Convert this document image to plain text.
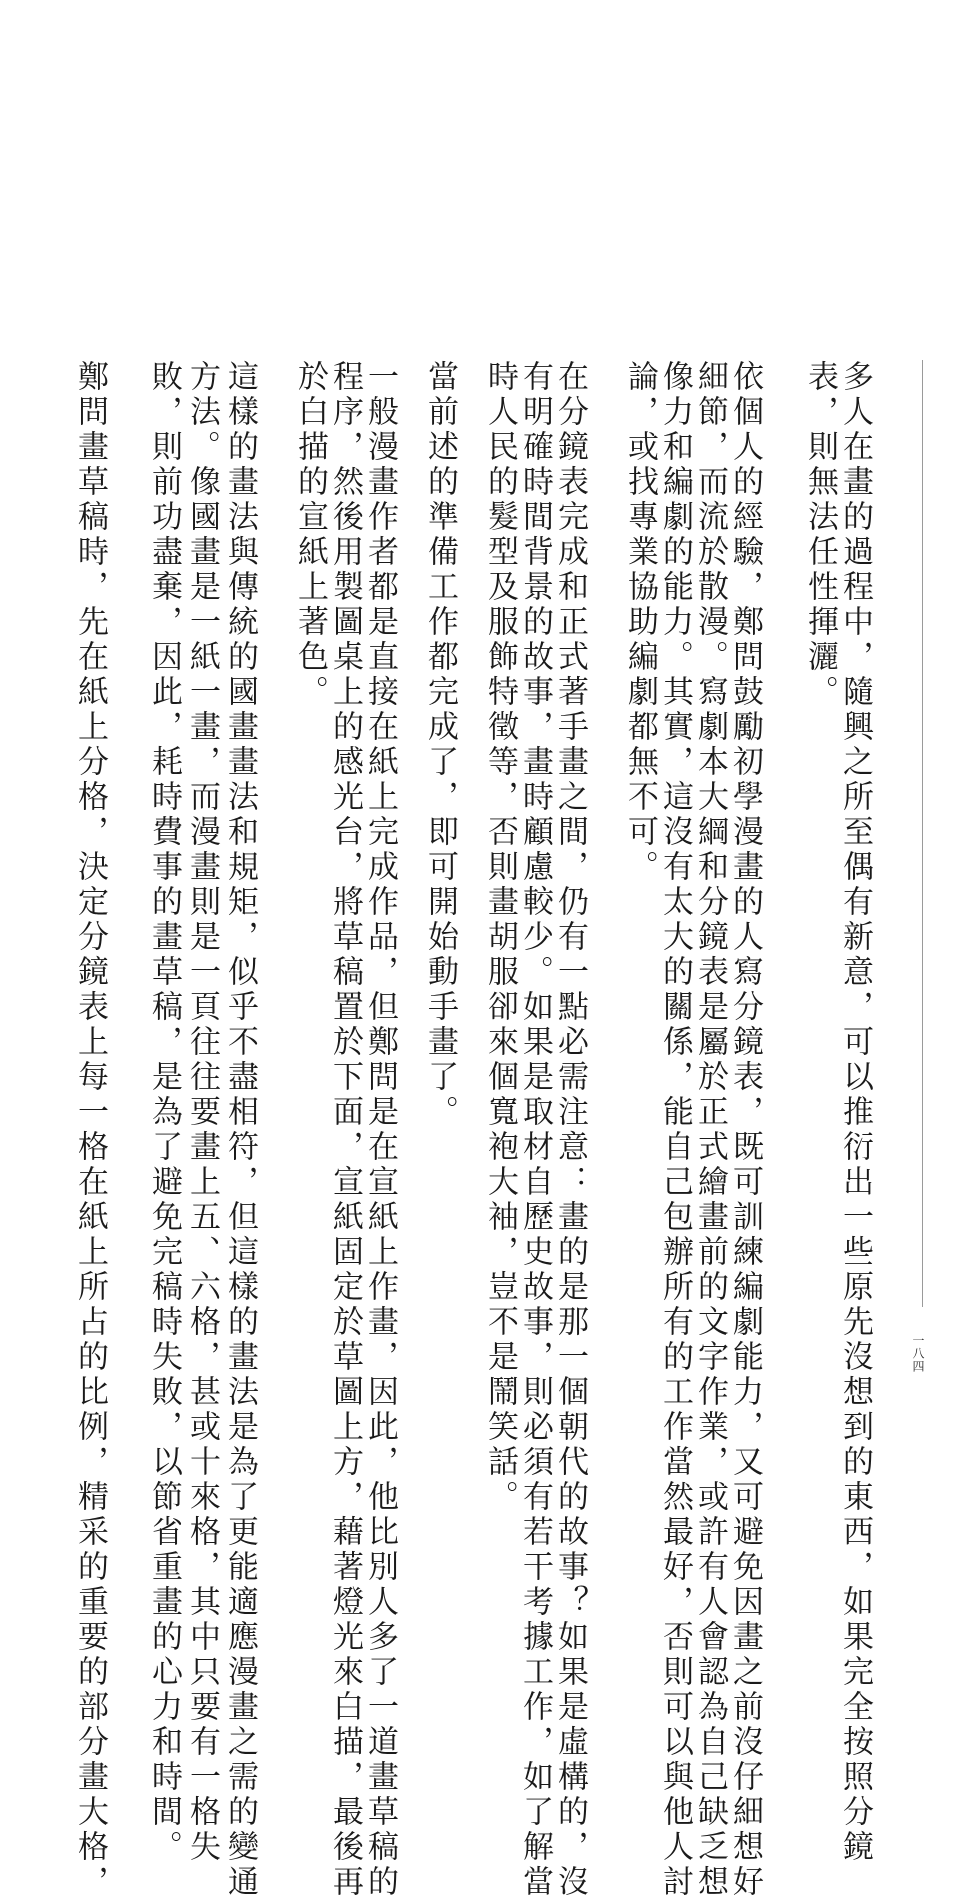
多人在畫的過程中，隨興之所至偶有新意，可以推衍出一些原先沒想到的東西，如果完全按照分鏡
表，則無法任性揮灑。
依個人的經驗，鄭問鼓勵初學漫畫的人寫分鏡表，既可訓練編劇能力，又可避免因畫之前沒仔細想好
細節，而流於散漫。寫劇本大綱和分鏡表是屬於正式繪畫前的文字作業，或許有人會認為自己缺乏想
像力和編劇的能力。其實，這沒有太大的關係，能自己包辦所有的工作當然最好，否則可以與他人討
論，或找專業協助編劇都無不可。
在分鏡表完成和正式著手畫之間，仍有一點必需注意：畫的是那一個朝代的故事？如果是虛構的，沒
有明確時間背景的故事，畫時顧慮較少。如果是取材自歷史故事，則必須有若干考據工作，如了解當
時人民的髮型及服飾特徵等，否則畫胡服卻來個寬袍大袖，豈不是鬧笑話。
當前述的準備工作都完成了，即可開始動手畫了。
一般漫畫作者都是直接在紙上完成作品，但鄭問是在宣紙上作畫，因此，他比別人多了一道畫草稿的
程序，然後用製圖桌上的感光台，將草稿置於下面，宣紙固定於草圖上方，藉著燈光來白描，最後再
於白描的宣紙上著色。
這樣的畫法與傳統的國畫畫法和規矩，似乎不盡相符，但這樣的畫法是為了更能適應漫畫之需的變通
方法。像國畫是一紙一畫，而漫畫則是一頁往往要畫上五、六格，甚或十來格，其中只要有一格失
敗，則前功盡棄，因此，耗時費事的畫草稿，是為了避免完稿時失敗，以節省重畫的心力和時間。
鄭問畫草稿時，先在紙上分格，決定分鏡表上每一格在紙上所占的比例，精采的重要的部分畫大格，	一八四
